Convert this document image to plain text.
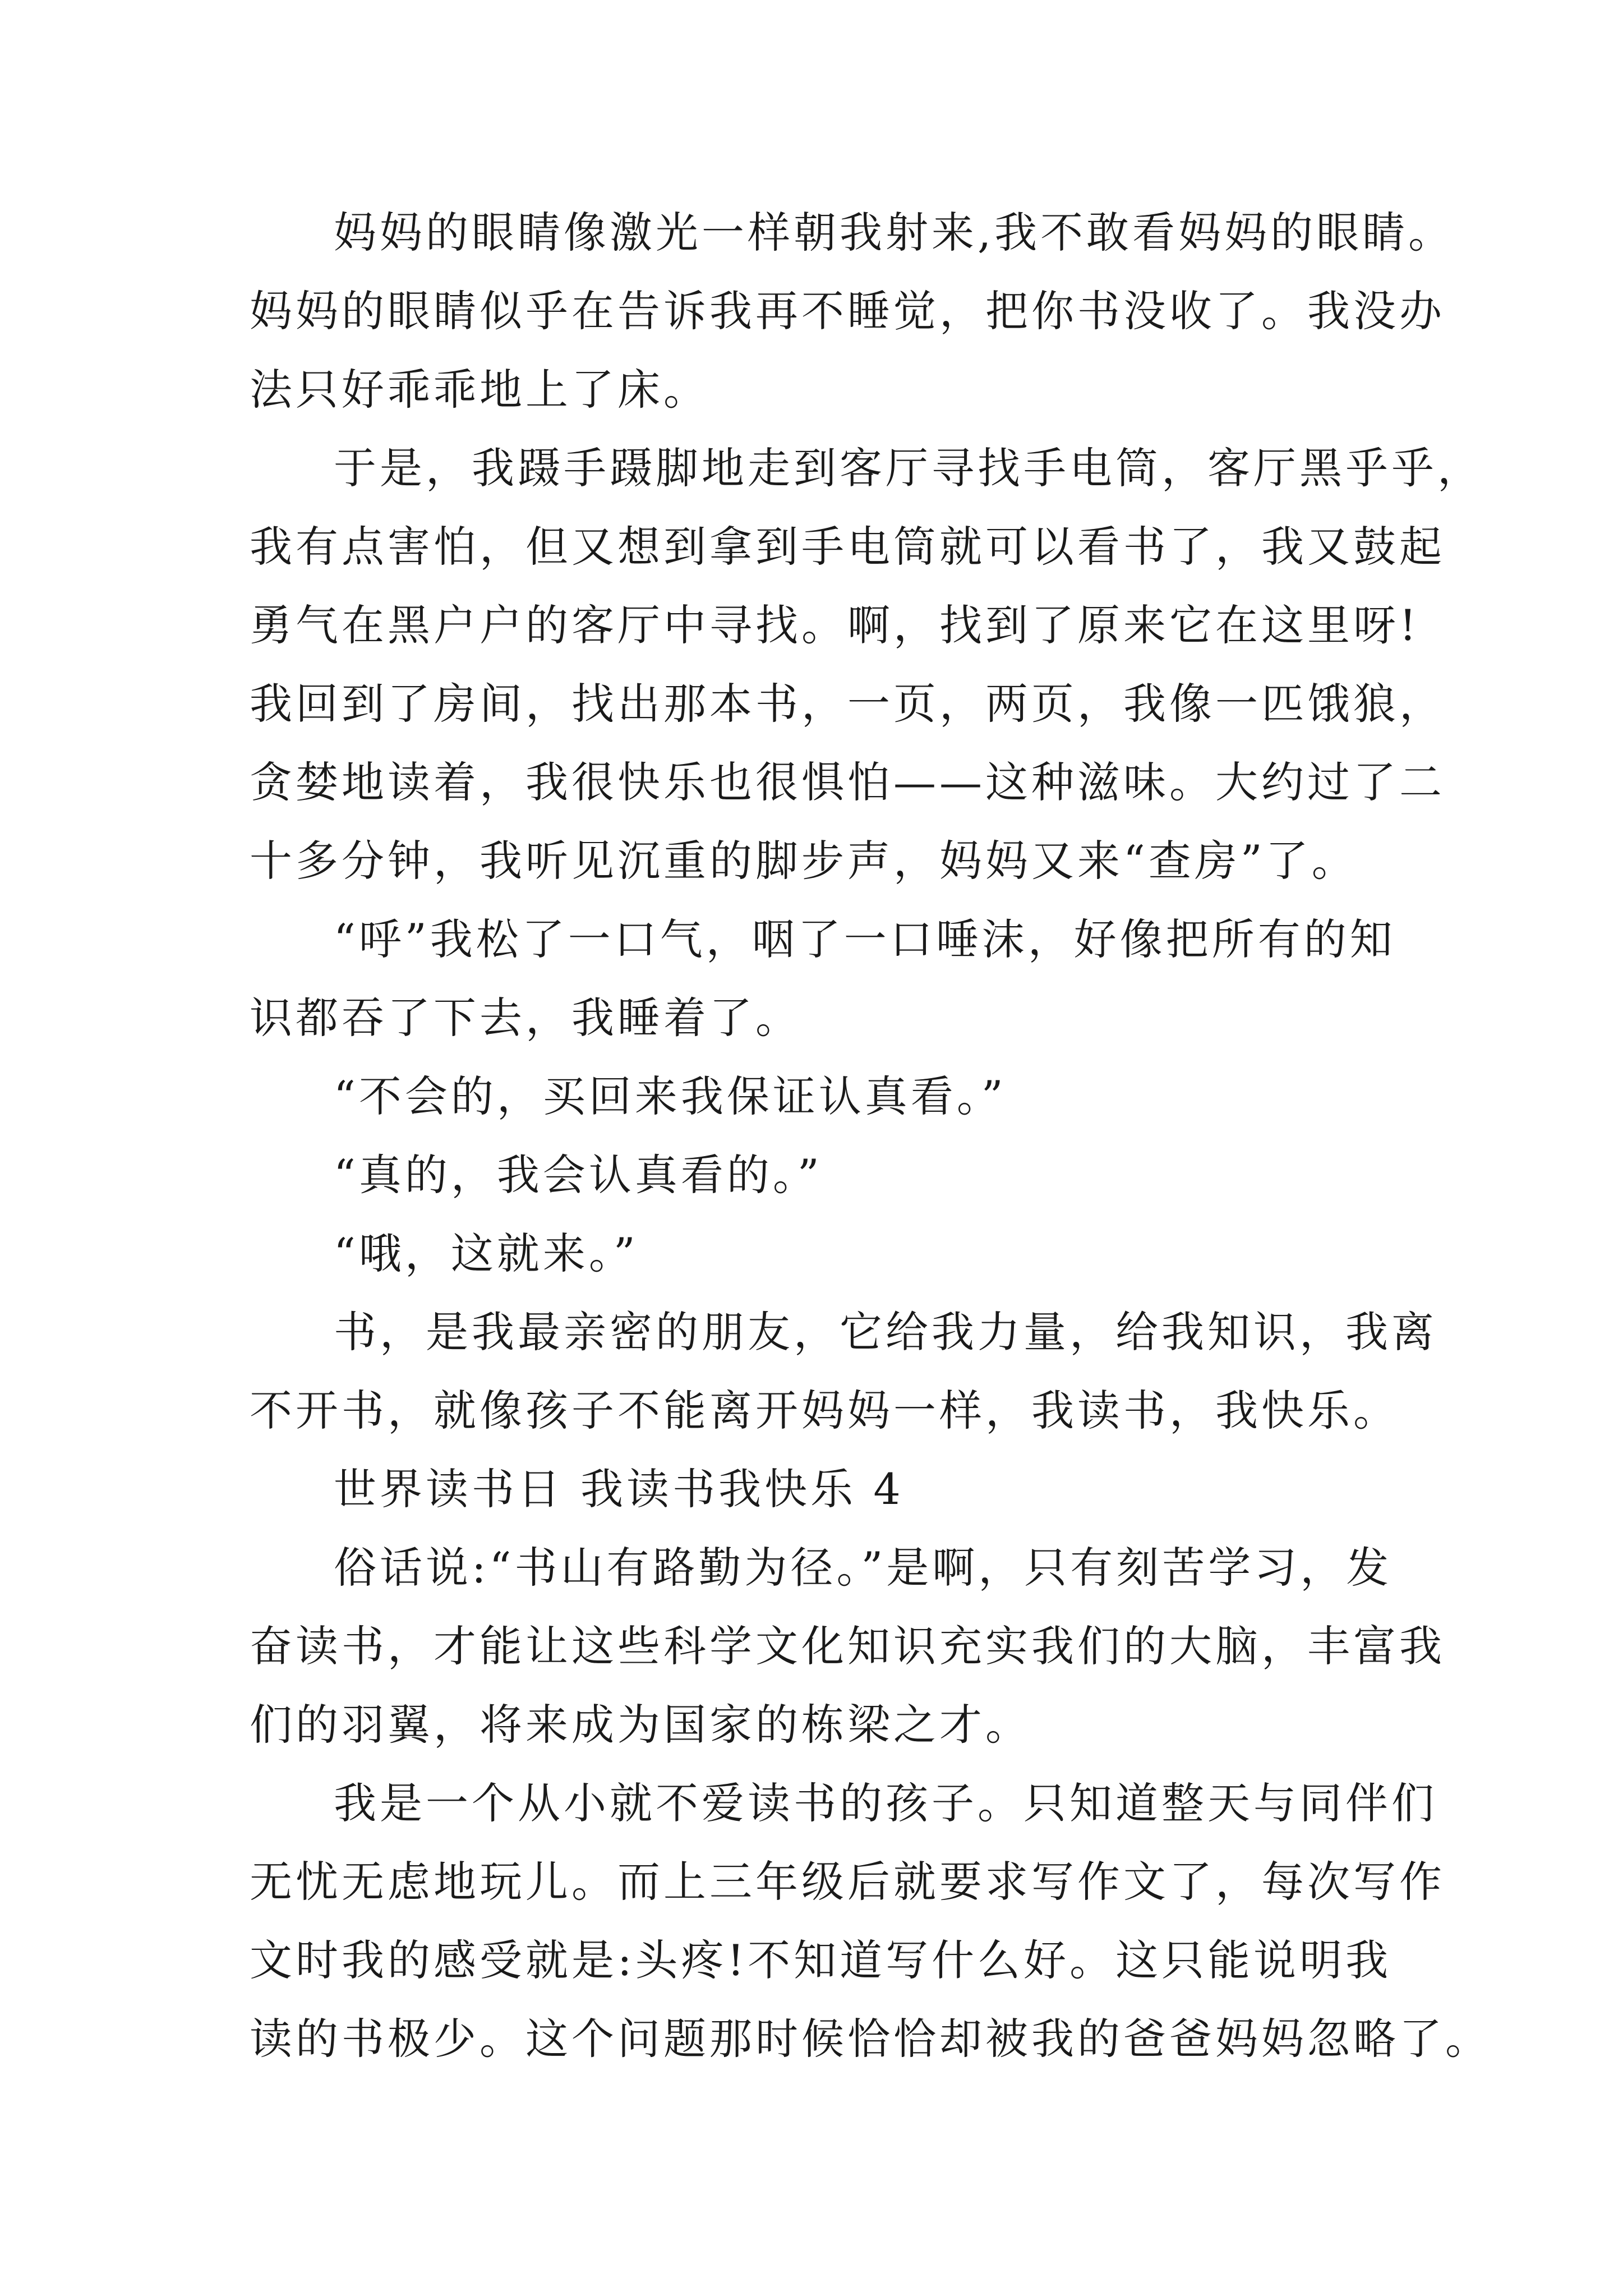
妈妈的眼睛像激光一样朝我射来,我不敢看妈妈的眼睛。
妈妈的眼睛似乎在告诉我再不睡觉，把你书没收了。我没办
法只好乖乖地上了床。
于是，我蹑手蹑脚地走到客厅寻找手电筒，客厅黑乎乎，
我有点害怕，但又想到拿到手电筒就可以看书了，我又鼓起
勇气在黑户户的客厅中寻找。啊，找到了原来它在这里呀!
我回到了房间，找出那本书，一页，两页，我像一匹饿狼，
贪婪地读着，我很快乐也很惧怕——这种滋味。大约过了二
十多分钟，我听见沉重的脚步声，妈妈又来“查房”了。
“呼”我松了一口气，咽了一口唾沫，好像把所有的知
识都吞了下去，我睡着了。
“不会的，买回来我保证认真看。”
“真的，我会认真看的。”
“哦，这就来。”
书，是我最亲密的朋友，它给我力量，给我知识，我离
不开书，就像孩子不能离开妈妈一样，我读书，我快乐。
世界读书日 我读书我快乐 4
俗话说:“书山有路勤为径。”是啊，只有刻苦学习，发
奋读书，才能让这些科学文化知识充实我们的大脑，丰富我
们的羽翼，将来成为国家的栋梁之才。
我是一个从小就不爱读书的孩子。只知道整天与同伴们
无忧无虑地玩儿。而上三年级后就要求写作文了，每次写作
文时我的感受就是:头疼!不知道写什么好。这只能说明我
读的书极少。这个问题那时候恰恰却被我的爸爸妈妈忽略了。
